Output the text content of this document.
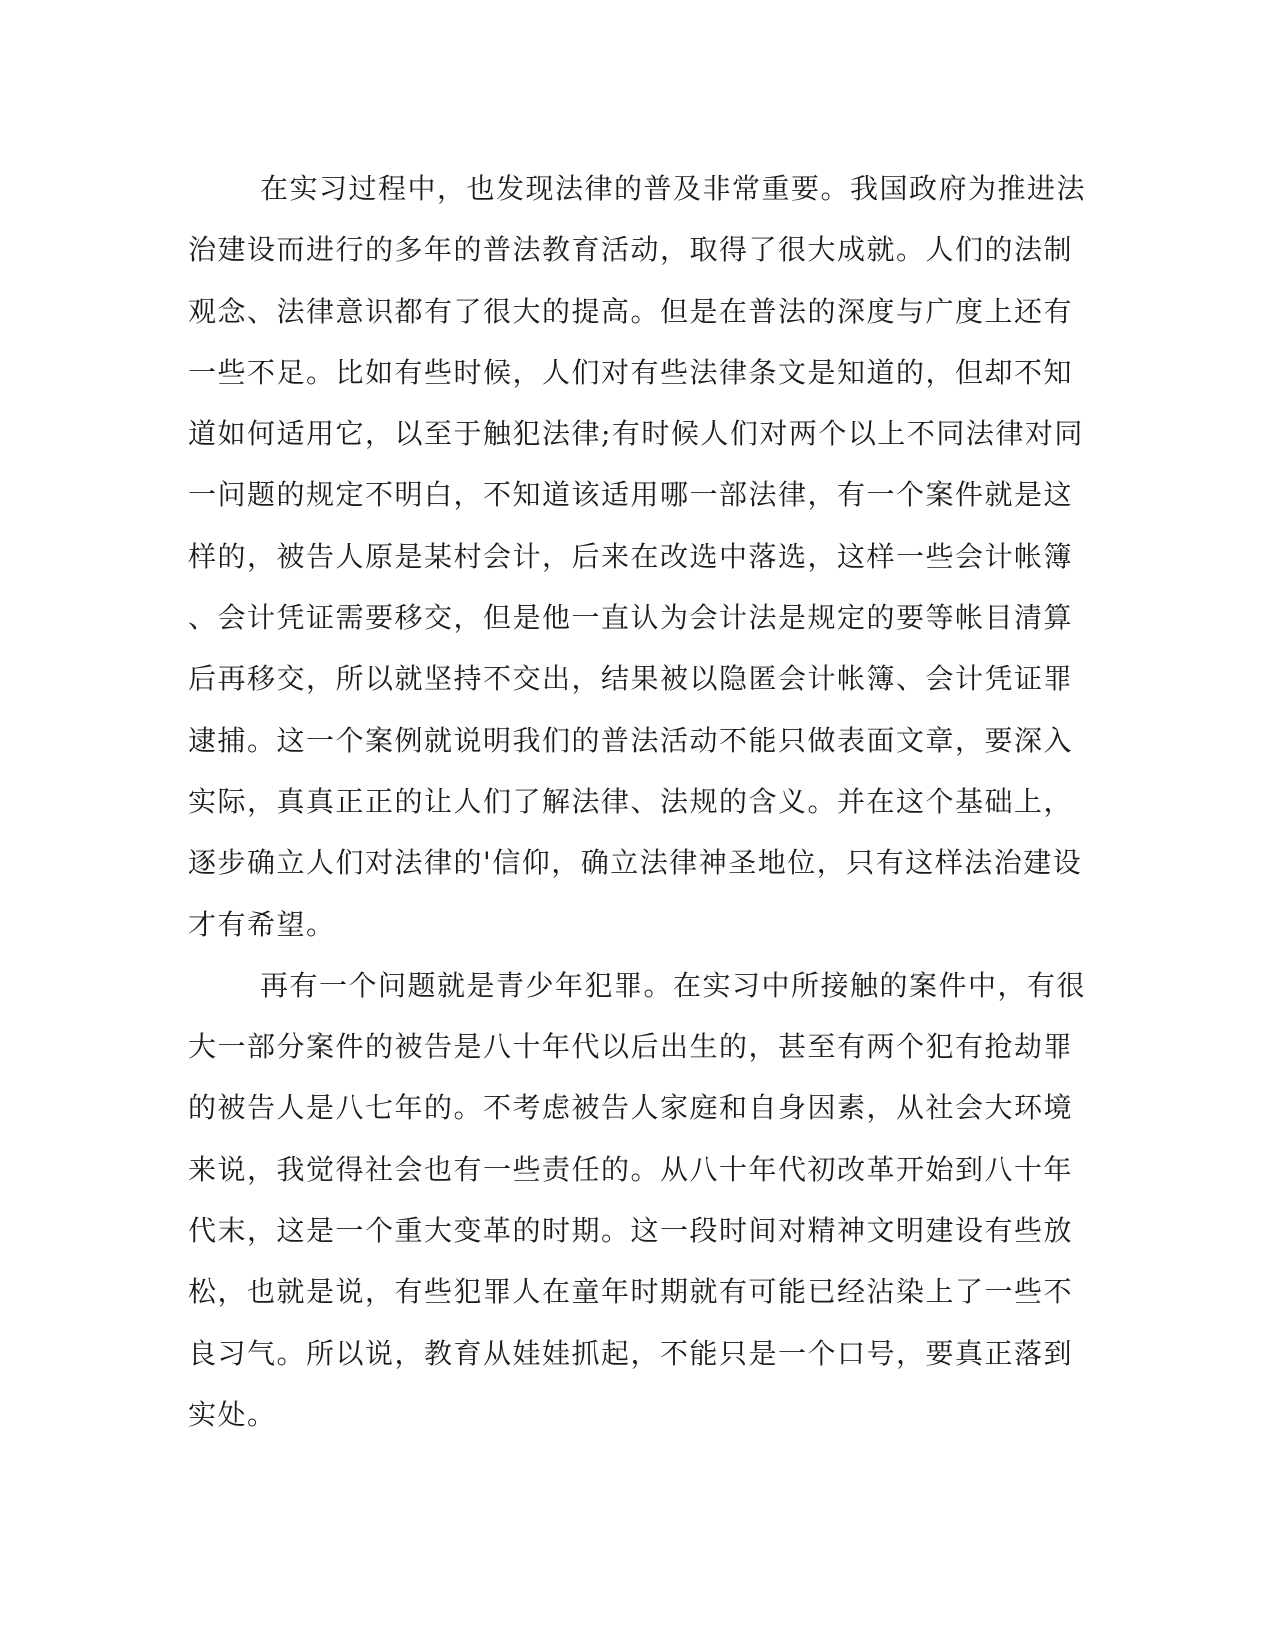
在实习过程中，也发现法律的普及非常重要。我国政府为推进法
治建设而进行的多年的普法教育活动，取得了很大成就。人们的法制
观念、法律意识都有了很大的提高。但是在普法的深度与广度上还有
一些不足。比如有些时候，人们对有些法律条文是知道的，但却不知
道如何适用它，以至于触犯法律;有时候人们对两个以上不同法律对同
一问题的规定不明白，不知道该适用哪一部法律，有一个案件就是这
样的，被告人原是某村会计，后来在改选中落选，这样一些会计帐簿
、会计凭证需要移交，但是他一直认为会计法是规定的要等帐目清算
后再移交，所以就坚持不交出，结果被以隐匿会计帐簿、会计凭证罪
逮捕。这一个案例就说明我们的普法活动不能只做表面文章，要深入
实际，真真正正的让人们了解法律、法规的含义。并在这个基础上，
逐步确立人们对法律的'信仰，确立法律神圣地位，只有这样法治建设
才有希望。
再有一个问题就是青少年犯罪。在实习中所接触的案件中，有很
大一部分案件的被告是八十年代以后出生的，甚至有两个犯有抢劫罪
的被告人是八七年的。不考虑被告人家庭和自身因素，从社会大环境
来说，我觉得社会也有一些责任的。从八十年代初改革开始到八十年
代末，这是一个重大变革的时期。这一段时间对精神文明建设有些放
松，也就是说，有些犯罪人在童年时期就有可能已经沾染上了一些不
良习气。所以说，教育从娃娃抓起，不能只是一个口号，要真正落到
实处。
